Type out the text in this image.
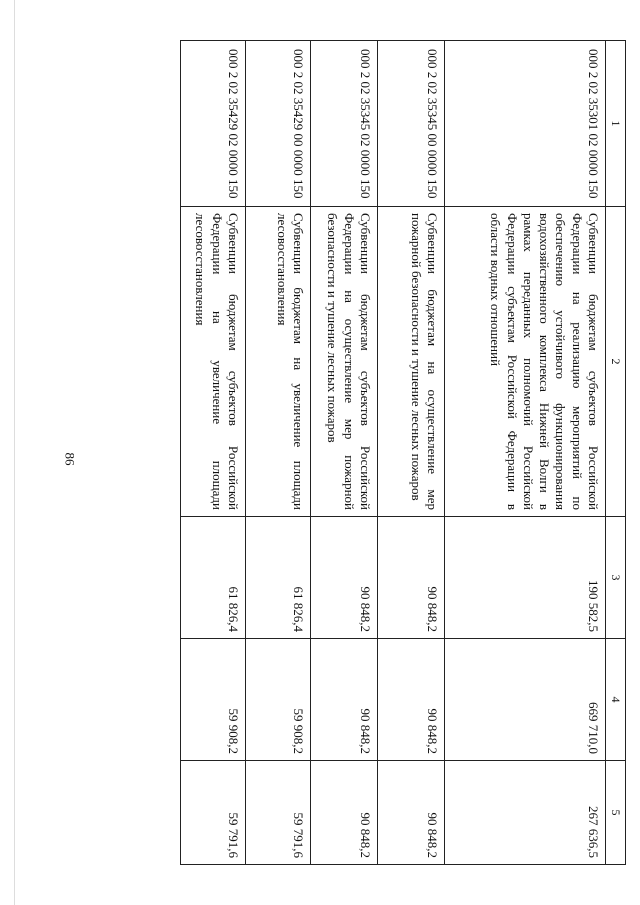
86
1	2	3	4	5
000 2 02 35301 02 0000 150	Субвенции бюджетам субъектов Российской Федерации на реализацию мероприятий по обеспечению устойчивого функционирования водохозяйственного комплекса Нижней Волги в рамках переданных полномочий Российской Федерации субъектам Российской Федерации в области водных отношений	190 582,5	669 710,0	267 636,5
000 2 02 35345 00 0000 150	Субвенции бюджетам на осуществление мер пожарной безопасности и тушение лесных пожаров	90 848,2	90 848,2	90 848,2
000 2 02 35345 02 0000 150	Субвенции бюджетам субъектов Российской Федерации на осуществление мер пожарной безопасности и тушение лесных пожаров	90 848,2	90 848,2	90 848,2
000 2 02 35429 00 0000 150	Субвенции бюджетам на увеличение площади лесовосстановления	61 826,4	59 908,2	59 791,6
000 2 02 35429 02 0000 150	Субвенции бюджетам субъектов Российской Федерации на увеличение площади лесовосстановления	61 826,4	59 908,2	59 791,6
